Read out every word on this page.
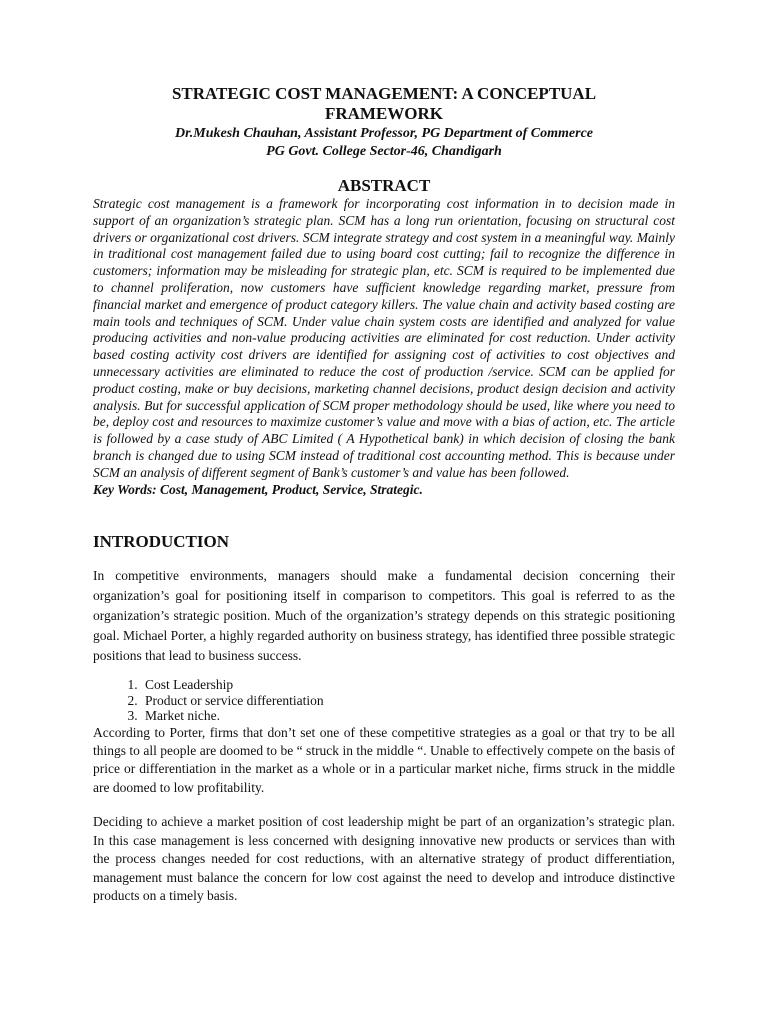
STRATEGIC COST MANAGEMENT: A CONCEPTUAL FRAMEWORK

Dr.Mukesh Chauhan, Assistant Professor, PG Department of Commerce

PG Govt. College Sector-46, Chandigarh

ABSTRACT

Strategic cost management is a framework for incorporating cost information in to decision made in support of an organization’s strategic plan. SCM has a long run orientation, focusing on structural cost drivers or organizational cost drivers. SCM integrate strategy and cost system in a meaningful way. Mainly in traditional cost management failed due to using board cost cutting; fail to recognize the difference in customers; information may be misleading for strategic plan, etc. SCM is required to be implemented due to channel proliferation, now customers have sufficient knowledge regarding market, pressure from financial market and emergence of product category killers. The value chain and activity based costing are main tools and techniques of SCM. Under value chain system costs are identified and analyzed for value producing activities and non-value producing activities are eliminated for cost reduction. Under activity based costing activity cost drivers are identified for assigning cost of activities to cost objectives and unnecessary activities are eliminated to reduce the cost of production /service. SCM can be applied for product costing, make or buy decisions, marketing channel decisions, product design decision and activity analysis. But for successful application of SCM proper methodology should be used, like where you need to be, deploy cost and resources to maximize customer’s value and move with a bias of action, etc. The article is followed by a case study of ABC Limited ( A Hypothetical bank) in which decision of closing the bank branch is changed due to using SCM instead of traditional cost accounting method. This is because under SCM an analysis of different segment of Bank’s customer’s and value has been followed.

Key Words: Cost, Management, Product, Service, Strategic.

INTRODUCTION

In competitive environments, managers should make a fundamental decision concerning their organization’s goal for positioning itself in comparison to competitors. This goal is referred to as the organization’s strategic position. Much of the organization’s strategy depends on this strategic positioning goal. Michael Porter, a highly regarded authority on business strategy, has identified three possible strategic positions that lead to business success.

1. Cost Leadership
2. Product or service differentiation
3. Market niche.

According to Porter, firms that don’t set one of these competitive strategies as a goal or that try to be all things to all people are doomed to be “ struck in the middle “. Unable to effectively compete on the basis of price or differentiation in the market as a whole or in a particular market niche, firms struck in the middle are doomed to low profitability.

Deciding to achieve a market position of cost leadership might be part of an organization’s strategic plan. In this case management is less concerned with designing innovative new products or services than with the process changes needed for cost reductions, with an alternative strategy of product differentiation, management must balance the concern for low cost against the need to develop and introduce distinctive products on a timely basis.
